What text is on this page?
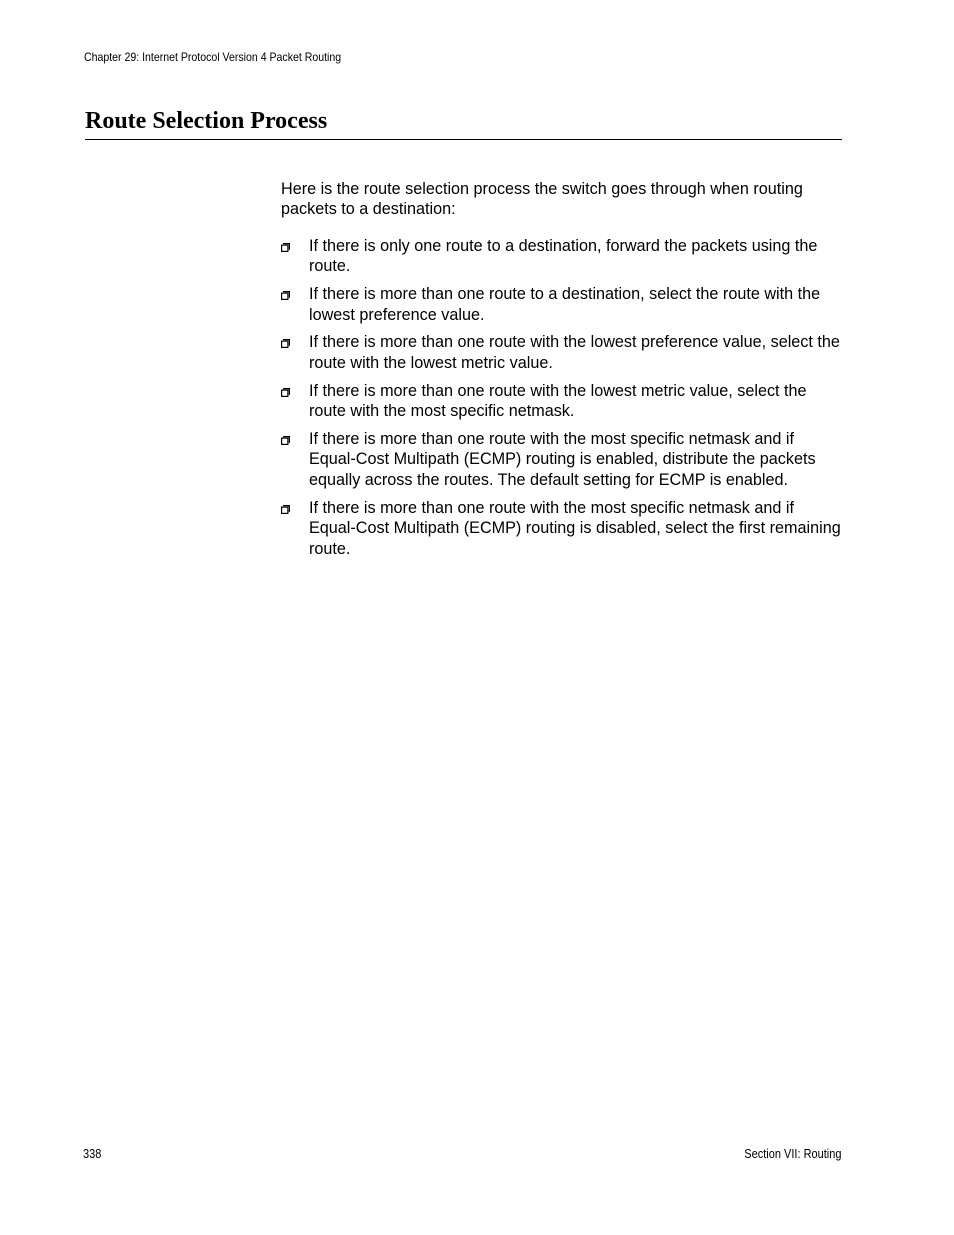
Chapter 29: Internet Protocol Version 4 Packet Routing
Route Selection Process

Here is the route selection process the switch goes through when routing packets to a destination:

If there is only one route to a destination, forward the packets using the route.
If there is more than one route to a destination, select the route with the lowest preference value.
If there is more than one route with the lowest preference value, select the route with the lowest metric value.
If there is more than one route with the lowest metric value, select the route with the most specific netmask.
If there is more than one route with the most specific netmask and if Equal-Cost Multipath (ECMP) routing is enabled, distribute the packets equally across the routes. The default setting for ECMP is enabled.
If there is more than one route with the most specific netmask and if Equal-Cost Multipath (ECMP) routing is disabled, select the first remaining route.
338	Section VII: Routing
